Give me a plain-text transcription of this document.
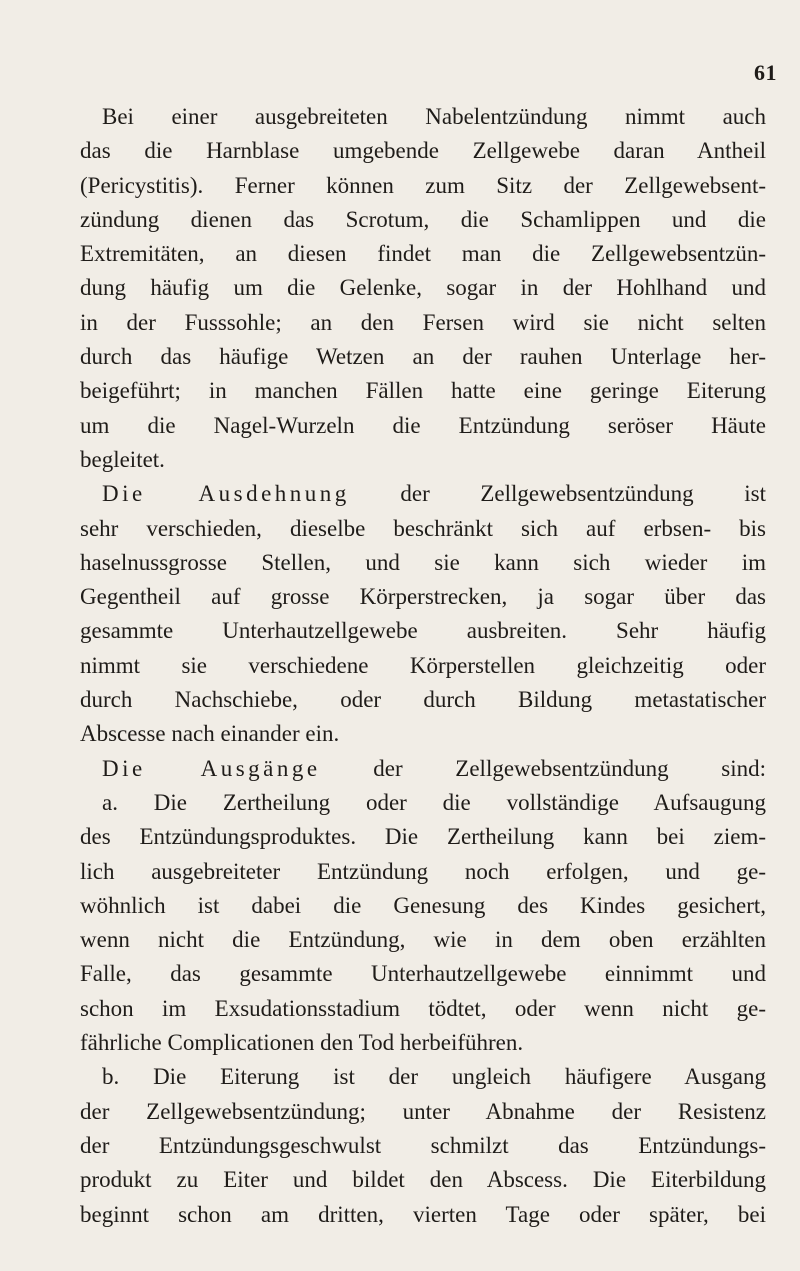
61
Bei einer ausgebreiteten Nabelentzündung nimmt auch
das die Harnblase umgebende Zellgewebe daran Antheil
(Pericystitis). Ferner können zum Sitz der Zellgewebsent-
zündung dienen das Scrotum, die Schamlippen und die
Extremitäten, an diesen findet man die Zellgewebsentzün-
dung häufig um die Gelenke, sogar in der Hohlhand und
in der Fusssohle; an den Fersen wird sie nicht selten
durch das häufige Wetzen an der rauhen Unterlage her-
beigeführt; in manchen Fällen hatte eine geringe Eiterung
um die Nagel-Wurzeln die Entzündung seröser Häute
begleitet.
Die Ausdehnung der Zellgewebsentzündung ist
sehr verschieden, dieselbe beschränkt sich auf erbsen- bis
haselnussgrosse Stellen, und sie kann sich wieder im
Gegentheil auf grosse Körperstrecken, ja sogar über das
gesammte Unterhautzellgewebe ausbreiten. Sehr häufig
nimmt sie verschiedene Körperstellen gleichzeitig oder
durch Nachschiebe, oder durch Bildung metastatischer
Abscesse nach einander ein.
Die Ausgänge der Zellgewebsentzündung sind:
a. Die Zertheilung oder die vollständige Aufsaugung
des Entzündungsproduktes. Die Zertheilung kann bei ziem-
lich ausgebreiteter Entzündung noch erfolgen, und ge-
wöhnlich ist dabei die Genesung des Kindes gesichert,
wenn nicht die Entzündung, wie in dem oben erzählten
Falle, das gesammte Unterhautzellgewebe einnimmt und
schon im Exsudationsstadium tödtet, oder wenn nicht ge-
fährliche Complicationen den Tod herbeiführen.
b. Die Eiterung ist der ungleich häufigere Ausgang
der Zellgewebsentzündung; unter Abnahme der Resistenz
der Entzündungsgeschwulst schmilzt das Entzündungs-
produkt zu Eiter und bildet den Abscess. Die Eiterbildung
beginnt schon am dritten, vierten Tage oder später, bei
